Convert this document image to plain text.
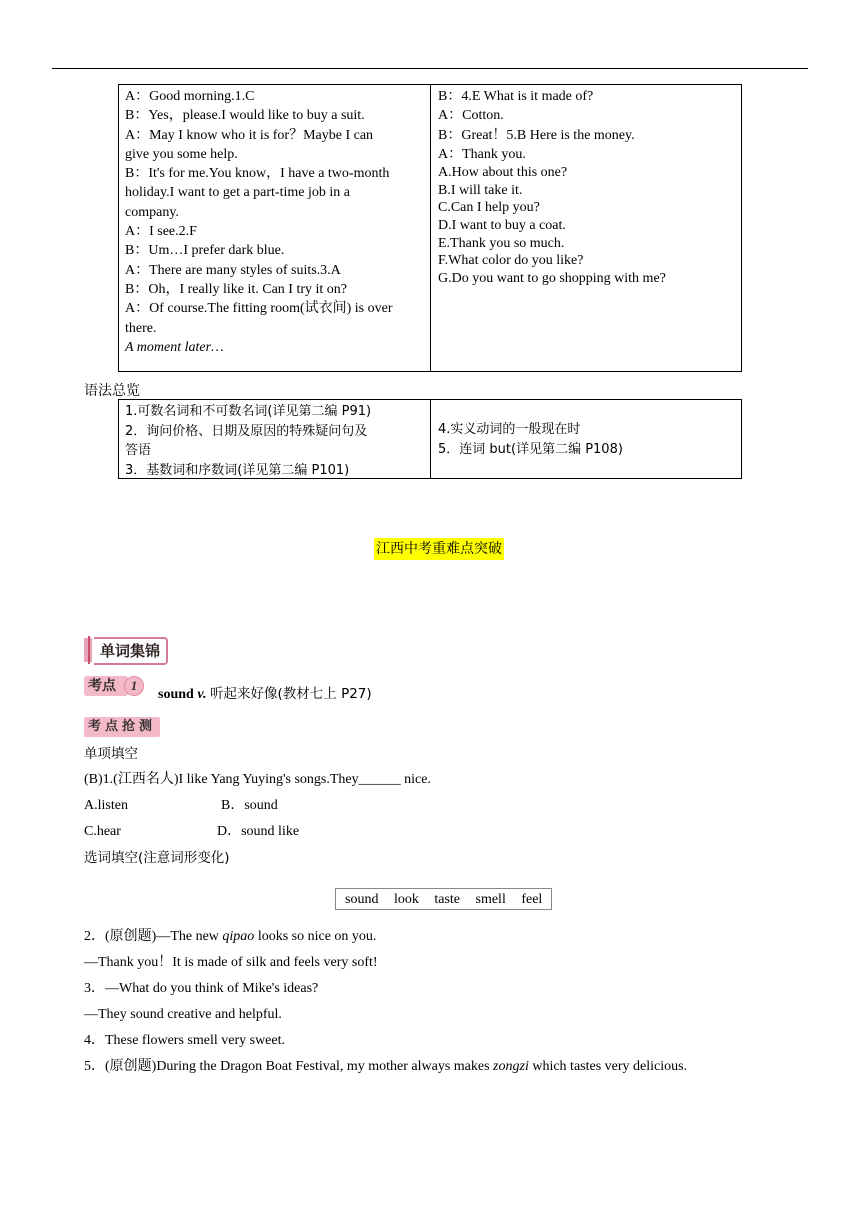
A：Good morning.1.C
B：Yes，please.I would like to buy a suit.
A：May I know who it is for？Maybe I can
give you some help.
B：It's for me.You know，I have a two-month
holiday.I want to get a part-time job in a
company.
A：I see.2.F
B：Um…I prefer dark blue.
A：There are many styles of suits.3.A
B：Oh，I really like it. Can I try it on?
A：Of course.The fitting room(试衣间) is over
there.
A moment later…
B：4.E What is it made of?
A：Cotton.
B：Great！5.B Here is the money.
A：Thank you.
A.How about this one?
B.I will take it.
C.Can I help you?
D.I want to buy a coat.
E.Thank you so much.
F.What color do you like?
G.Do you want to go shopping with me?
语法总览
1.可数名词和不可数名词(详见第二编 P91)
2．询问价格、日期及原因的特殊疑问句及
答语
3．基数词和序数词(详见第二编 P101)
4.实义动词的一般现在时
5．连词 but(详见第二编 P108)
江西中考重难点突破
单词集锦
考点	1
sound v. 听起来好像(教材七上 P27)
考点抢测
单项填空
(B)1.(江西名人)I like Yang Yuying's songs.They______ nice.
A.listen	B．sound
C.hear	D．sound like
选词填空(注意词形变化)
sound look taste smell feel
2．(原创题)—The new qipao looks so nice on you.
—Thank you！It is made of silk and feels very soft!
3．—What do you think of Mike's ideas?
—They sound creative and helpful.
4．These flowers smell very sweet.
5．(原创题)During the Dragon Boat Festival, my mother always makes zongzi which tastes very delicious.
